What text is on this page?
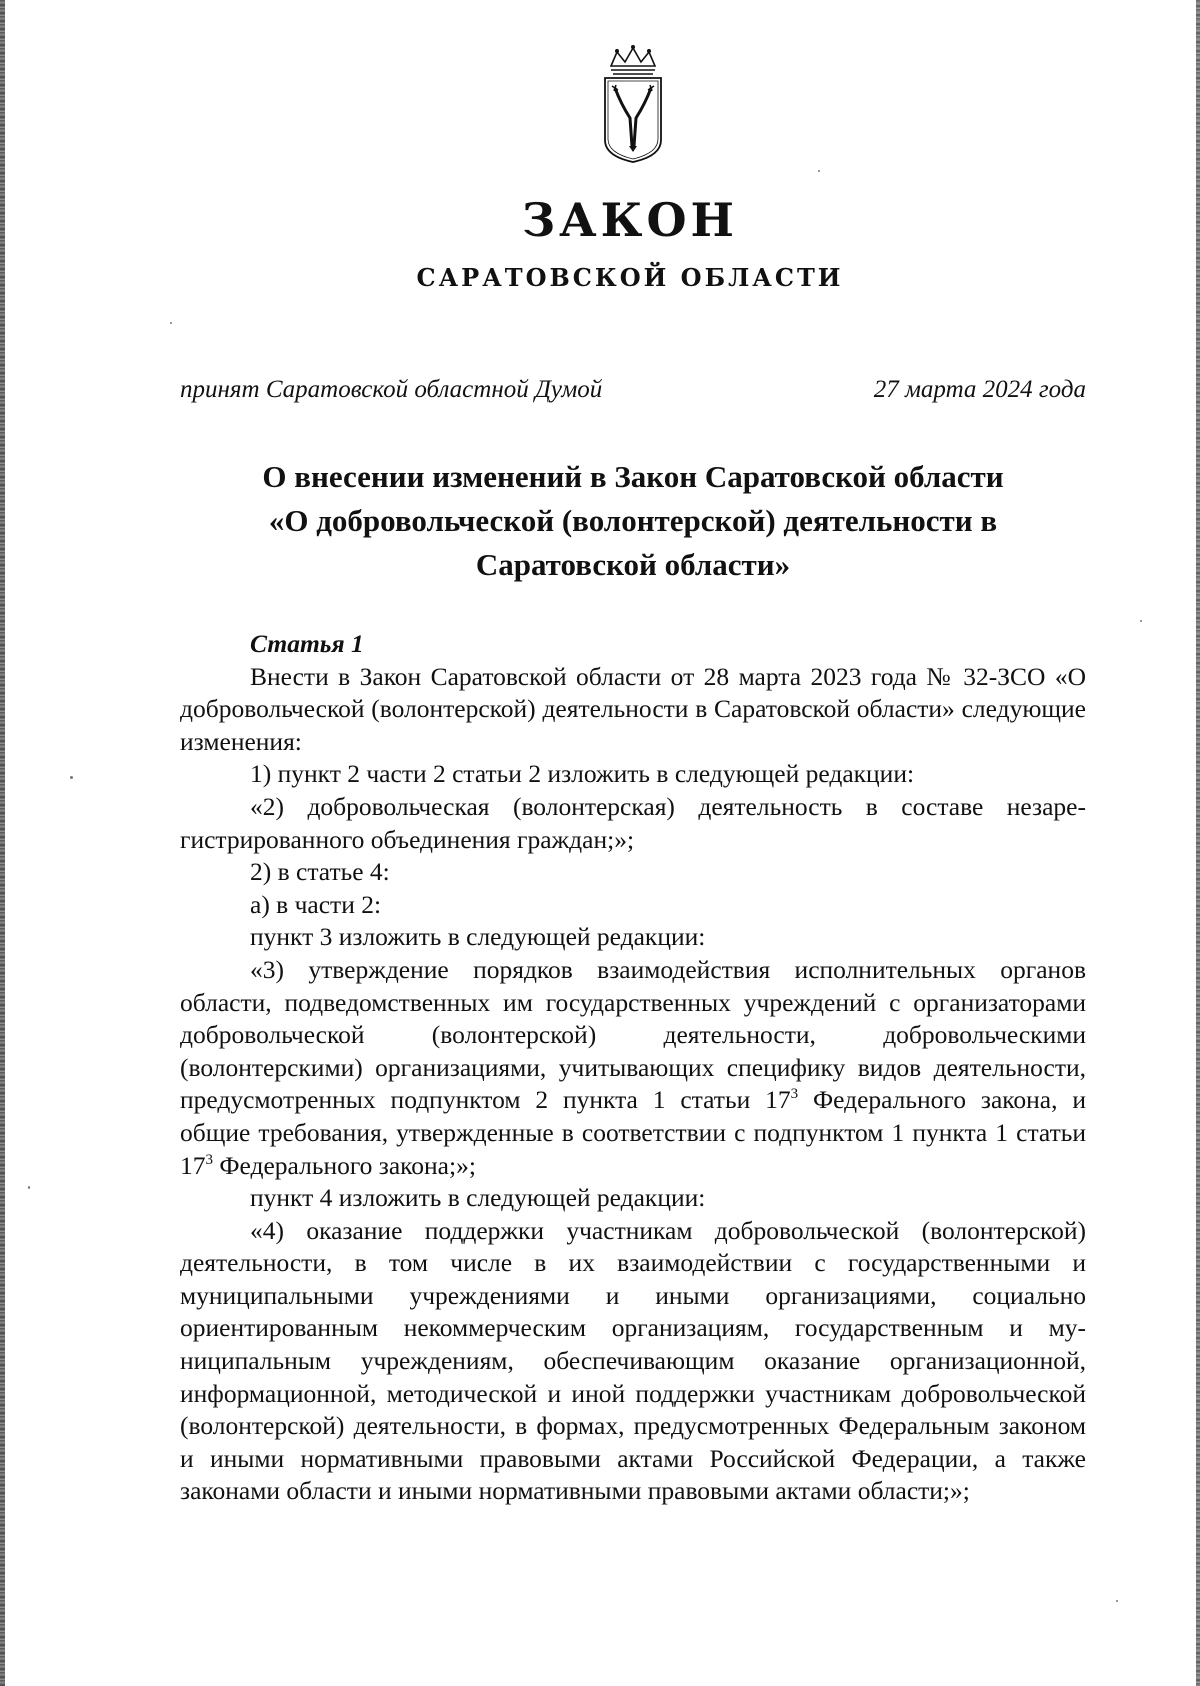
ЗАКОН
САРАТОВСКОЙ ОБЛАСТИ
принят Саратовской областной Думой	27 марта 2024 года
О внесении изменений в Закон Саратовской области
«О добровольческой (волонтерской) деятельности в
Саратовской области»

Статья 1

Внести в Закон Саратовской области от 28 марта 2023 года № 32-ЗСО «О добровольческой (волонтерской) деятельности в Саратовской области» следующие изменения:

1) пункт 2 части 2 статьи 2 изложить в следующей редакции:

«2) добровольческая (волонтерская) деятельность в составе незарегистрированного объединения граждан;»;

2) в статье 4:

а) в части 2:

пункт 3 изложить в следующей редакции:

«3) утверждение порядков взаимодействия исполнительных органов области, подведомственных им государственных учреждений с организаторами добровольческой (волонтерской) деятельности, добровольческими (волонтерскими) организациями, учитывающих специфику видов деятельности, предусмотренных подпунктом 2 пункта 1 статьи $17^3$ Федерального закона, и общие требования, утвержденные в соответствии с подпунктом 1 пункта 1 статьи $17^3$ Федерального закона;»;

пункт 4 изложить в следующей редакции:

«4) оказание поддержки участникам добровольческой (волонтерской) деятельности, в том числе в их взаимодействии с государственными и муниципальными учреждениями и иными организациями, социально ориентированным некоммерческим организациям, государственным и муниципальным учреждениям, обеспечивающим оказание организационной, информационной, методической и иной поддержки участникам добровольческой (волонтерской) деятельности, в формах, предусмотренных Федеральным законом и иными нормативными правовыми актами Российской Федерации, а также законами области и иными нормативными правовыми актами области;»;
